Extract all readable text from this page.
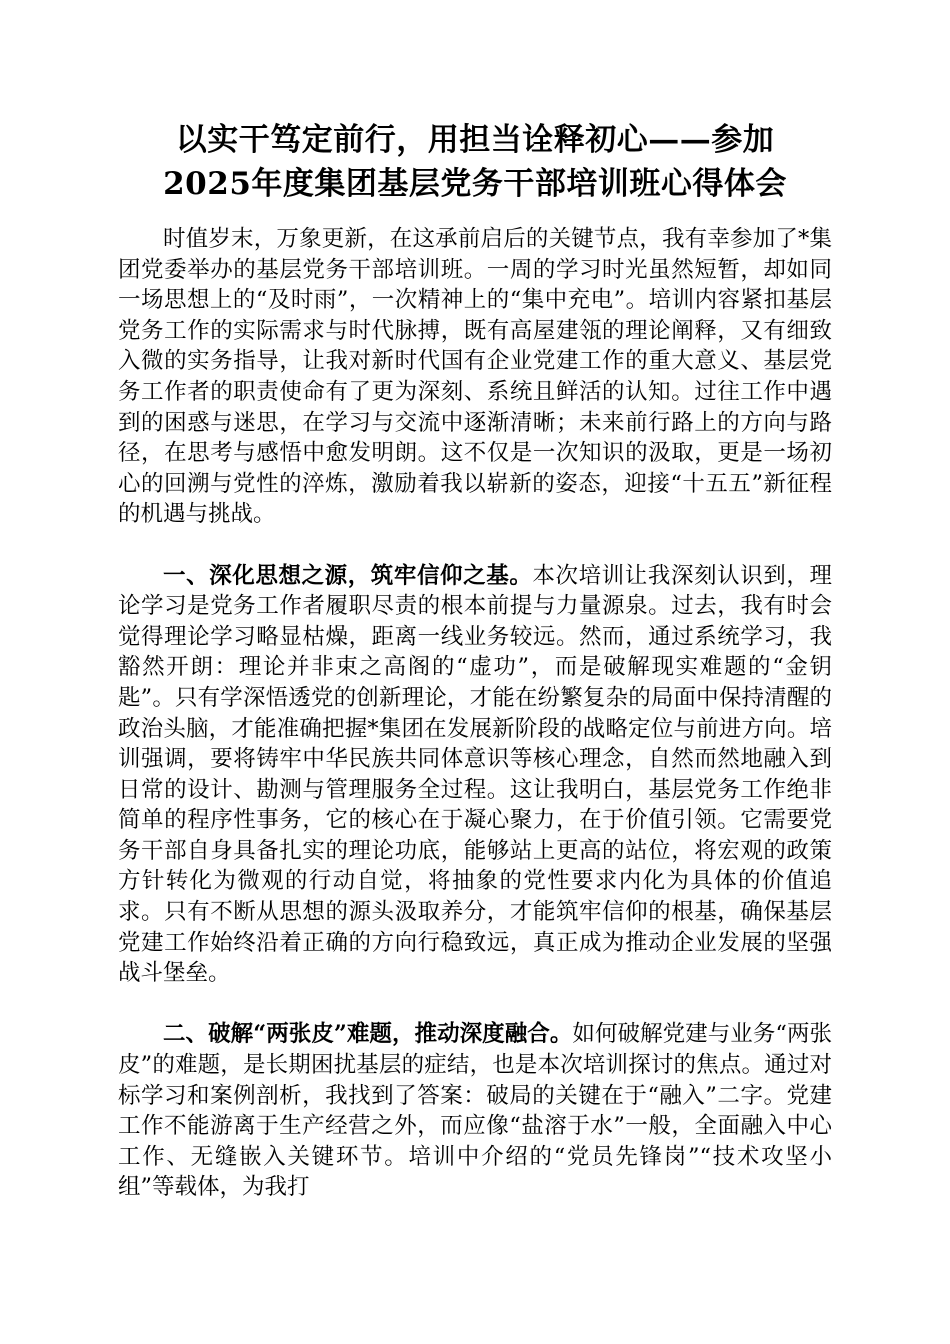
以实干笃定前行，用担当诠释初心——参加
2025年度集团基层党务干部培训班心得体会

时值岁末，万象更新，在这承前启后的关键节点，我有幸参加了*集团党委举办的基层党务干部培训班。一周的学习时光虽然短暂，却如同一场思想上的“及时雨”，一次精神上的“集中充电”。培训内容紧扣基层党务工作的实际需求与时代脉搏，既有高屋建瓴的理论阐释，又有细致入微的实务指导，让我对新时代国有企业党建工作的重大意义、基层党务工作者的职责使命有了更为深刻、系统且鲜活的认知。过往工作中遇到的困惑与迷思，在学习与交流中逐渐清晰；未来前行路上的方向与路径，在思考与感悟中愈发明朗。这不仅是一次知识的汲取，更是一场初心的回溯与党性的淬炼，激励着我以崭新的姿态，迎接“十五五”新征程的机遇与挑战。

一、深化思想之源，筑牢信仰之基。本次培训让我深刻认识到，理论学习是党务工作者履职尽责的根本前提与力量源泉。过去，我有时会觉得理论学习略显枯燥，距离一线业务较远。然而，通过系统学习，我豁然开朗：理论并非束之高阁的“虚功”，而是破解现实难题的“金钥匙”。只有学深悟透党的创新理论，才能在纷繁复杂的局面中保持清醒的政治头脑，才能准确把握*集团在发展新阶段的战略定位与前进方向。培训强调，要将铸牢中华民族共同体意识等核心理念，自然而然地融入到日常的设计、勘测与管理服务全过程。这让我明白，基层党务工作绝非简单的程序性事务，它的核心在于凝心聚力，在于价值引领。它需要党务干部自身具备扎实的理论功底，能够站上更高的站位，将宏观的政策方针转化为微观的行动自觉，将抽象的党性要求内化为具体的价值追求。只有不断从思想的源头汲取养分，才能筑牢信仰的根基，确保基层党建工作始终沿着正确的方向行稳致远，真正成为推动企业发展的坚强战斗堡垒。

二、破解“两张皮”难题，推动深度融合。如何破解党建与业务“两张皮”的难题，是长期困扰基层的症结，也是本次培训探讨的焦点。通过对标学习和案例剖析，我找到了答案：破局的关键在于“融入”二字。党建工作不能游离于生产经营之外，而应像“盐溶于水”一般，全面融入中心工作、无缝嵌入关键环节。培训中介绍的“党员先锋岗”“技术攻坚小组”等载体，为我打
